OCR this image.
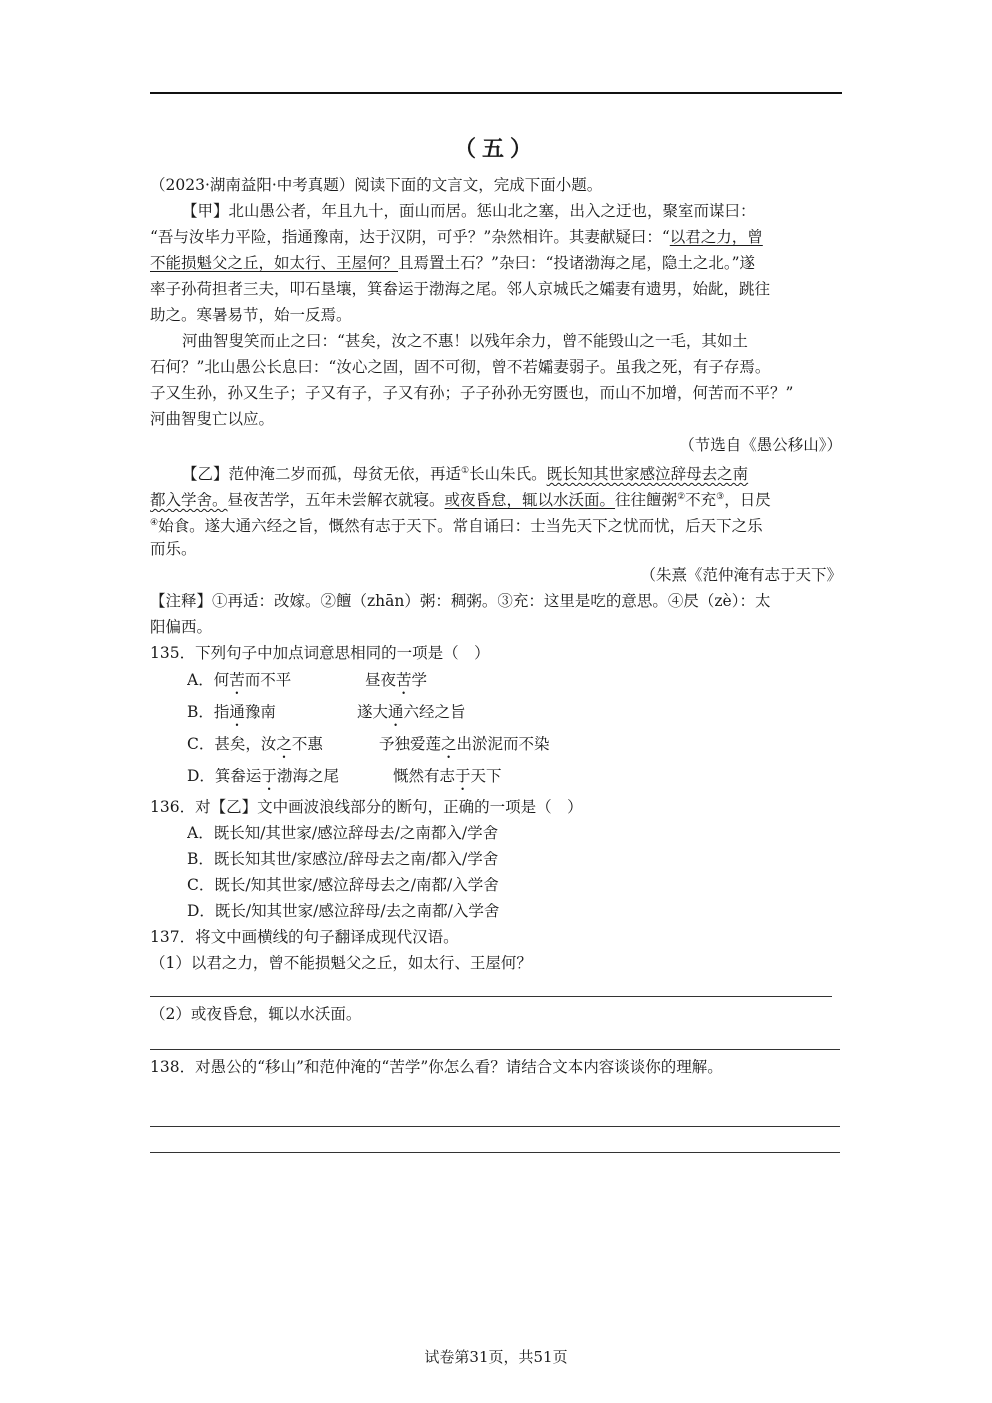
（五）
（2023·湖南益阳·中考真题）阅读下面的文言文，完成下面小题。
【甲】北山愚公者，年且九十，面山而居。惩山北之塞，出入之迂也，聚室而谋曰：
“吾与汝毕力平险，指通豫南，达于汉阴，可乎？”杂然相许。其妻献疑曰：“以君之力，曾
不能损魁父之丘，如太行、王屋何？且焉置土石？”杂曰：“投诸渤海之尾，隐土之北。”遂
率子孙荷担者三夫，叩石垦壤，箕畚运于渤海之尾。邻人京城氏之孀妻有遗男，始龀，跳往
助之。寒暑易节，始一反焉。
河曲智叟笑而止之曰：“甚矣，汝之不惠！以残年余力，曾不能毁山之一毛，其如土
石何？”北山愚公长息曰：“汝心之固，固不可彻，曾不若孀妻弱子。虽我之死，有子存焉。
子又生孙，孙又生子；子又有子，子又有孙；子子孙孙无穷匮也，而山不加增，何苦而不平？”
河曲智叟亡以应。
（节选自《愚公移山》）
【乙】范仲淹二岁而孤，母贫无依，再适①长山朱氏。既长知其世家感泣辞母去之南
都入学舍。昼夜苦学，五年未尝解衣就寝。或夜昏怠，辄以水沃面。往往饘粥②不充③，日昃
④始食。遂大通六经之旨，慨然有志于天下。常自诵曰：士当先天下之忧而忧，后天下之乐
而乐。
（朱熹《范仲淹有志于天下》
【注释】①再适：改嫁。②饘（zhān）粥：稠粥。③充：这里是吃的意思。④昃（zè）：太
阳偏西。
135．下列句子中加点词意思相同的一项是（　）
A．何苦而不平	昼夜苦学
B．指通豫南	遂大通六经之旨
C．甚矣，汝之不惠	予独爱莲之出淤泥而不染
D．箕畚运于渤海之尾	慨然有志于天下
136．对【乙】文中画波浪线部分的断句，正确的一项是（　）
A．既长知/其世家/感泣辞母去/之南都入/学舍
B．既长知其世/家感泣/辞母去之南/都入/学舍
C．既长/知其世家/感泣辞母去之/南都/入学舍
D．既长/知其世家/感泣辞母/去之南都/入学舍
137．将文中画横线的句子翻译成现代汉语。
（1）以君之力，曾不能损魁父之丘，如太行、王屋何？
（2）或夜昏怠，辄以水沃面。
138．对愚公的“移山”和范仲淹的“苦学”你怎么看？请结合文本内容谈谈你的理解。
试卷第31页，共51页
